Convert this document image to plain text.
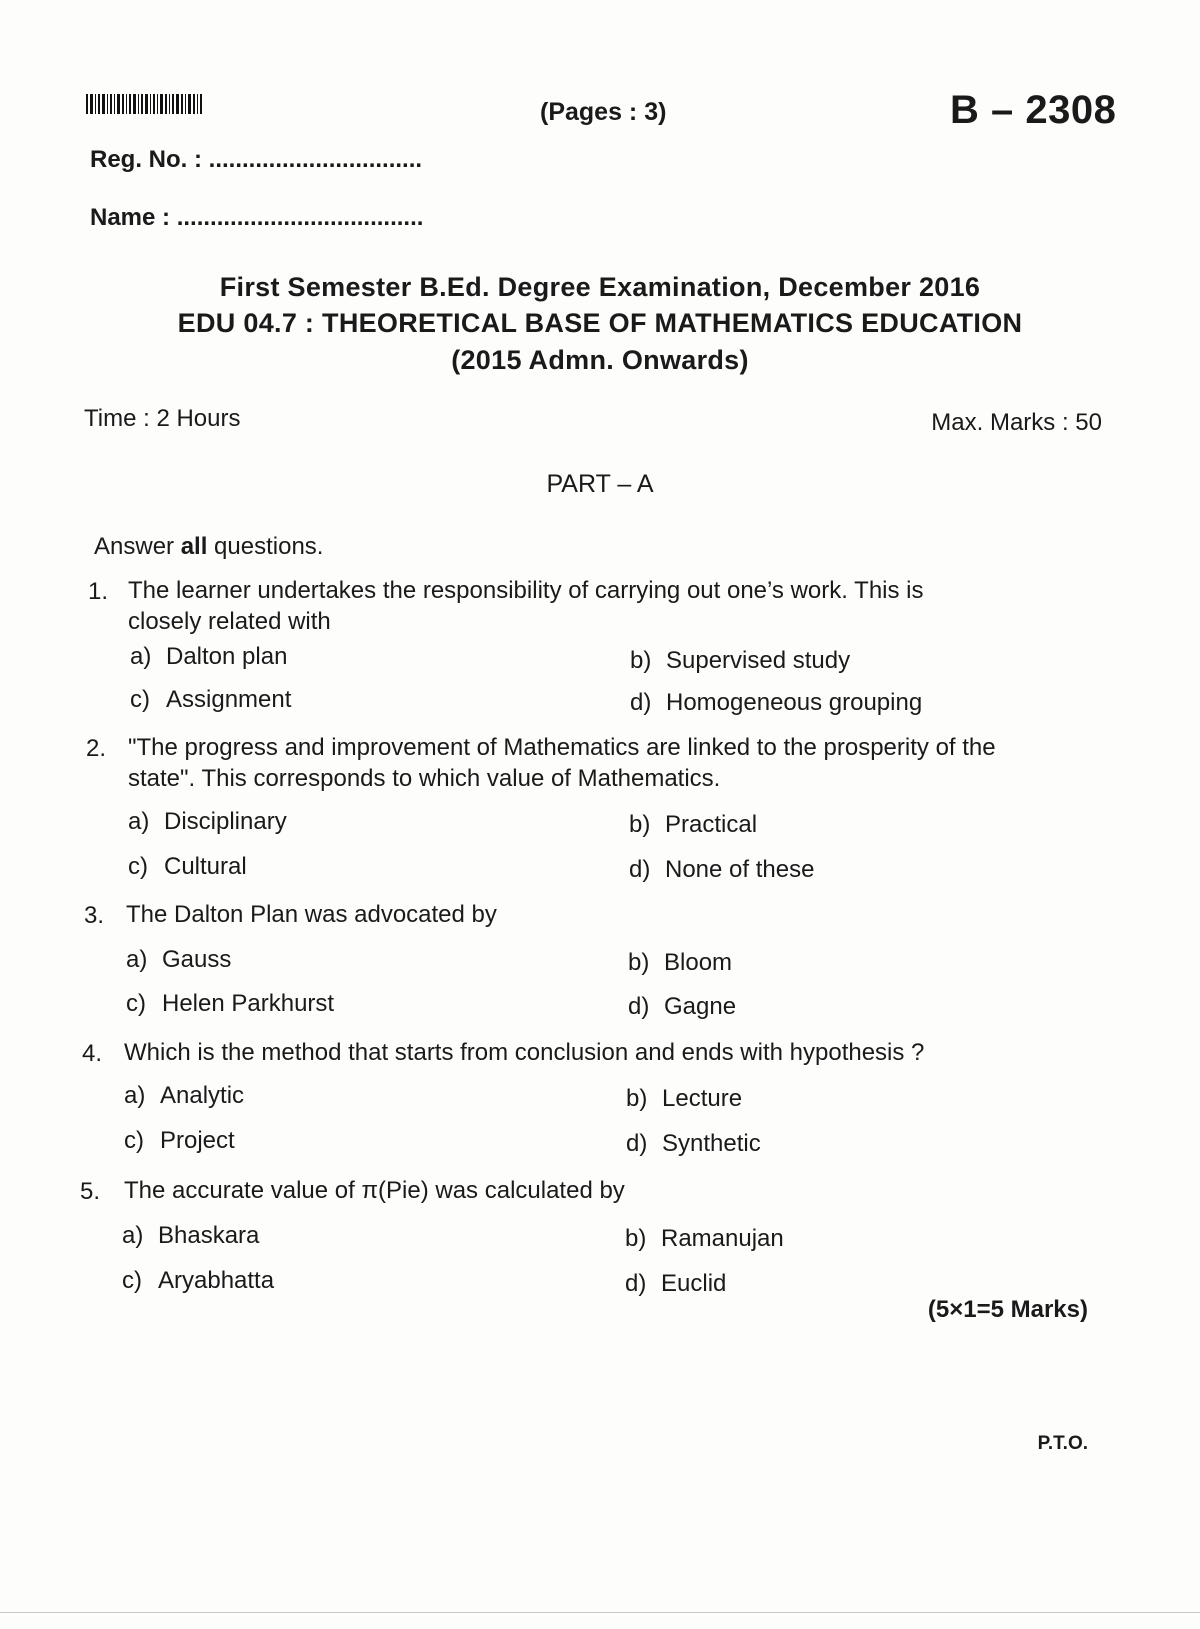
(Pages : 3)	B – 2308
Reg. No. : ................................
Name : .....................................
First Semester B.Ed. Degree Examination, December 2016
EDU 04.7 : THEORETICAL BASE OF MATHEMATICS EDUCATION
(2015 Admn. Onwards)
Time : 2 Hours	Max. Marks : 50
PART – A
Answer all questions.
1. The learner undertakes the responsibility of carrying out one’s work. This is
closely related with
a) Dalton plan	b) Supervised study
c) Assignment	d) Homogeneous grouping
2. "The progress and improvement of Mathematics are linked to the prosperity of the
state". This corresponds to which value of Mathematics.
a) Disciplinary	b) Practical
c) Cultural	d) None of these
3. The Dalton Plan was advocated by
a) Gauss	b) Bloom
c) Helen Parkhurst	d) Gagne
4. Which is the method that starts from conclusion and ends with hypothesis ?
a) Analytic	b) Lecture
c) Project	d) Synthetic
5. The accurate value of π(Pie) was calculated by
a) Bhaskara	b) Ramanujan
c) Aryabhatta	d) Euclid
(5×1=5 Marks)
P.T.O.
